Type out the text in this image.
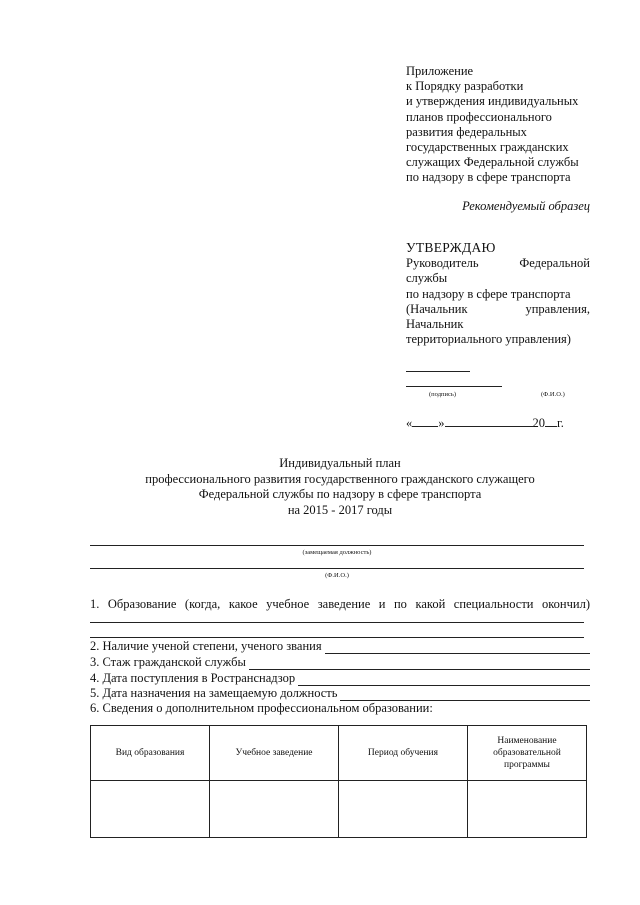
Приложение
к Порядку разработки
и утверждения индивидуальных
планов профессионального
развития федеральных
государственных гражданских
служащих Федеральной службы
по надзору в сфере транспорта
Рекомендуемый образец
УТВЕРЖДАЮ
Руководитель Федеральной
службы
по надзору в сфере транспорта
(Начальник управления,
Начальник
территориального управления)
(подпись)	(Ф.И.О.)
« »	20 г.
Индивидуальный план
профессионального развития государственного гражданского служащего
Федеральной службы по надзору в сфере транспорта
на 2015 - 2017 годы
(замещаемая должность)
(Ф.И.О.)
1. Образование (когда, какое учебное заведение и по какой специальности окончил)
2. Наличие ученой степени, ученого звания
3. Стаж гражданской службы
4. Дата поступления в Ространснадзор
5. Дата назначения на замещаемую должность
6. Сведения о дополнительном профессиональном образовании:
Вид образования	Учебное заведение	Период обучения	Наименование образовательной программы
